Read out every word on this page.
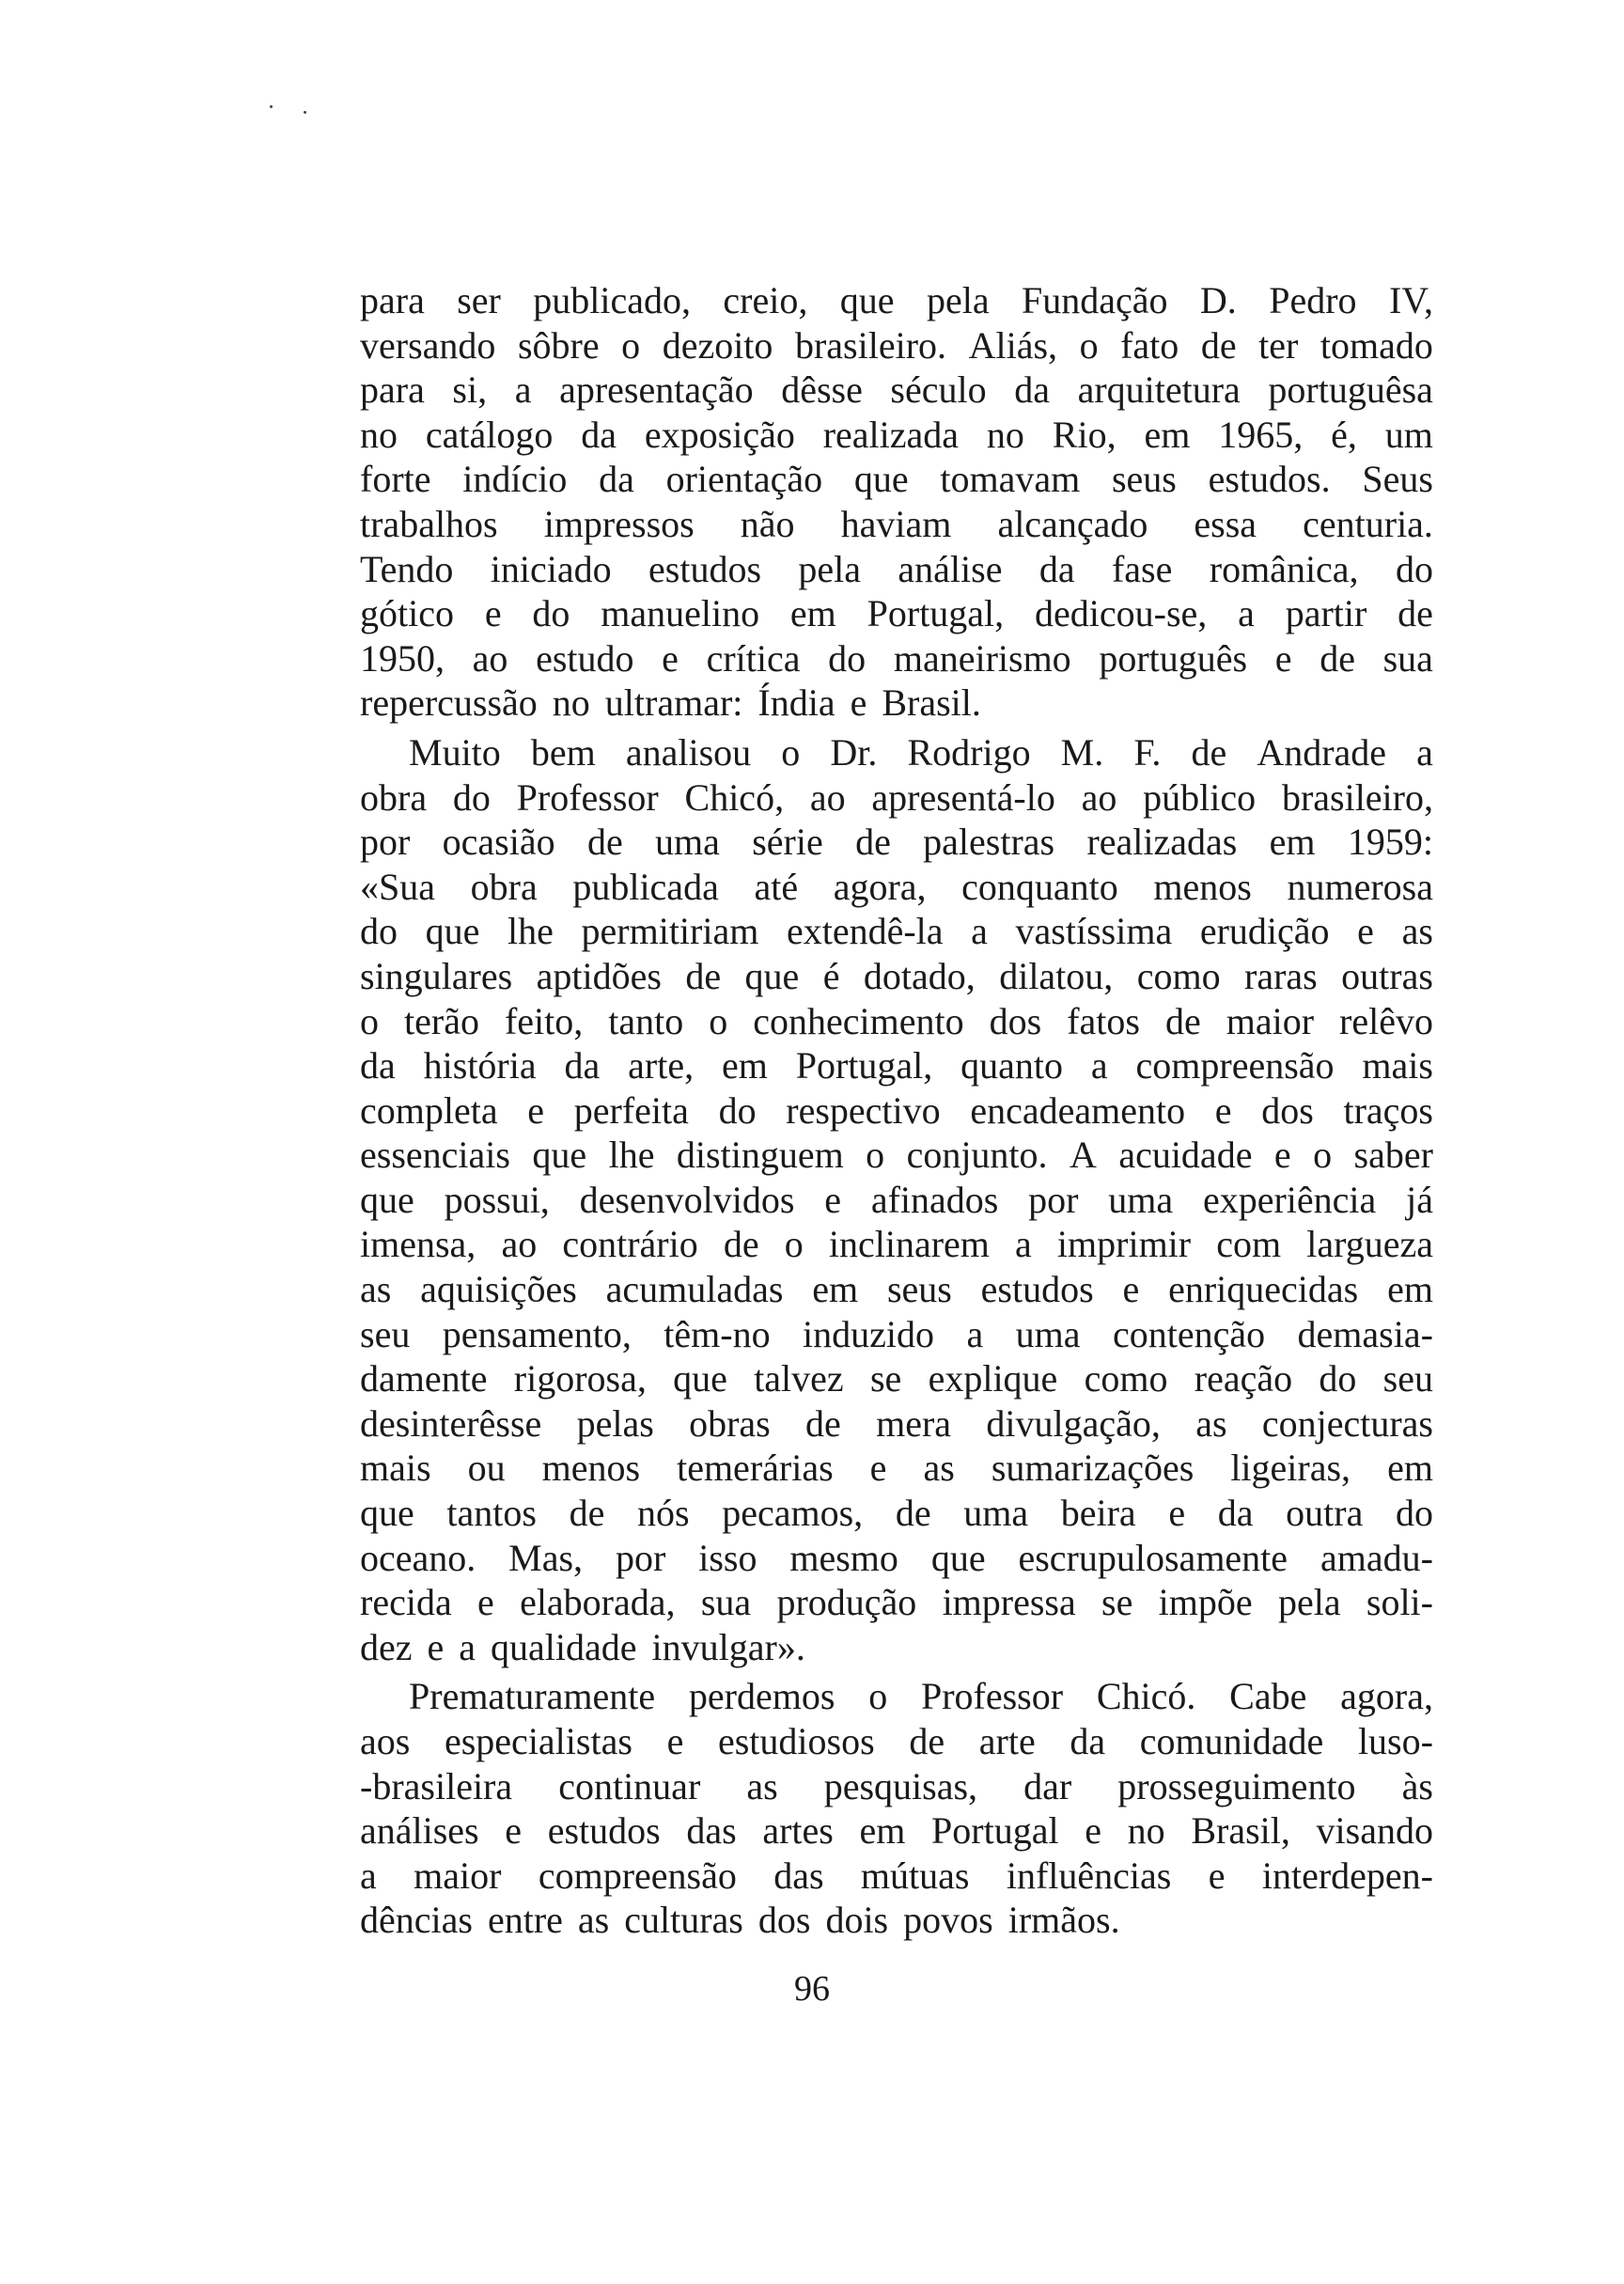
para ser publicado, creio, que pela Fundação D. Pedro IV,
versando sôbre o dezoito brasileiro. Aliás, o fato de ter tomado
para si, a apresentação dêsse século da arquitetura portuguêsa
no catálogo da exposição realizada no Rio, em 1965, é, um
forte indício da orientação que tomavam seus estudos. Seus
trabalhos impressos não haviam alcançado essa centuria.
Tendo iniciado estudos pela análise da fase românica, do
gótico e do manuelino em Portugal, dedicou-se, a partir de
1950, ao estudo e crítica do maneirismo português e de sua
repercussão no ultramar: Índia e Brasil.
Muito bem analisou o Dr. Rodrigo M. F. de Andrade a
obra do Professor Chicó, ao apresentá-lo ao público brasileiro,
por ocasião de uma série de palestras realizadas em 1959:
«Sua obra publicada até agora, conquanto menos numerosa
do que lhe permitiriam extendê-la a vastíssima erudição e as
singulares aptidões de que é dotado, dilatou, como raras outras
o terão feito, tanto o conhecimento dos fatos de maior relêvo
da história da arte, em Portugal, quanto a compreensão mais
completa e perfeita do respectivo encadeamento e dos traços
essenciais que lhe distinguem o conjunto. A acuidade e o saber
que possui, desenvolvidos e afinados por uma experiência já
imensa, ao contrário de o inclinarem a imprimir com largueza
as aquisições acumuladas em seus estudos e enriquecidas em
seu pensamento, têm-no induzido a uma contenção demasia-
damente rigorosa, que talvez se explique como reação do seu
desinterêsse pelas obras de mera divulgação, as conjecturas
mais ou menos temerárias e as sumarizações ligeiras, em
que tantos de nós pecamos, de uma beira e da outra do
oceano. Mas, por isso mesmo que escrupulosamente amadu-
recida e elaborada, sua produção impressa se impõe pela soli-
dez e a qualidade invulgar».
Prematuramente perdemos o Professor Chicó. Cabe agora,
aos especialistas e estudiosos de arte da comunidade luso-
-brasileira continuar as pesquisas, dar prosseguimento às
análises e estudos das artes em Portugal e no Brasil, visando
a maior compreensão das mútuas influências e interdepen-
dências entre as culturas dos dois povos irmãos.
96
